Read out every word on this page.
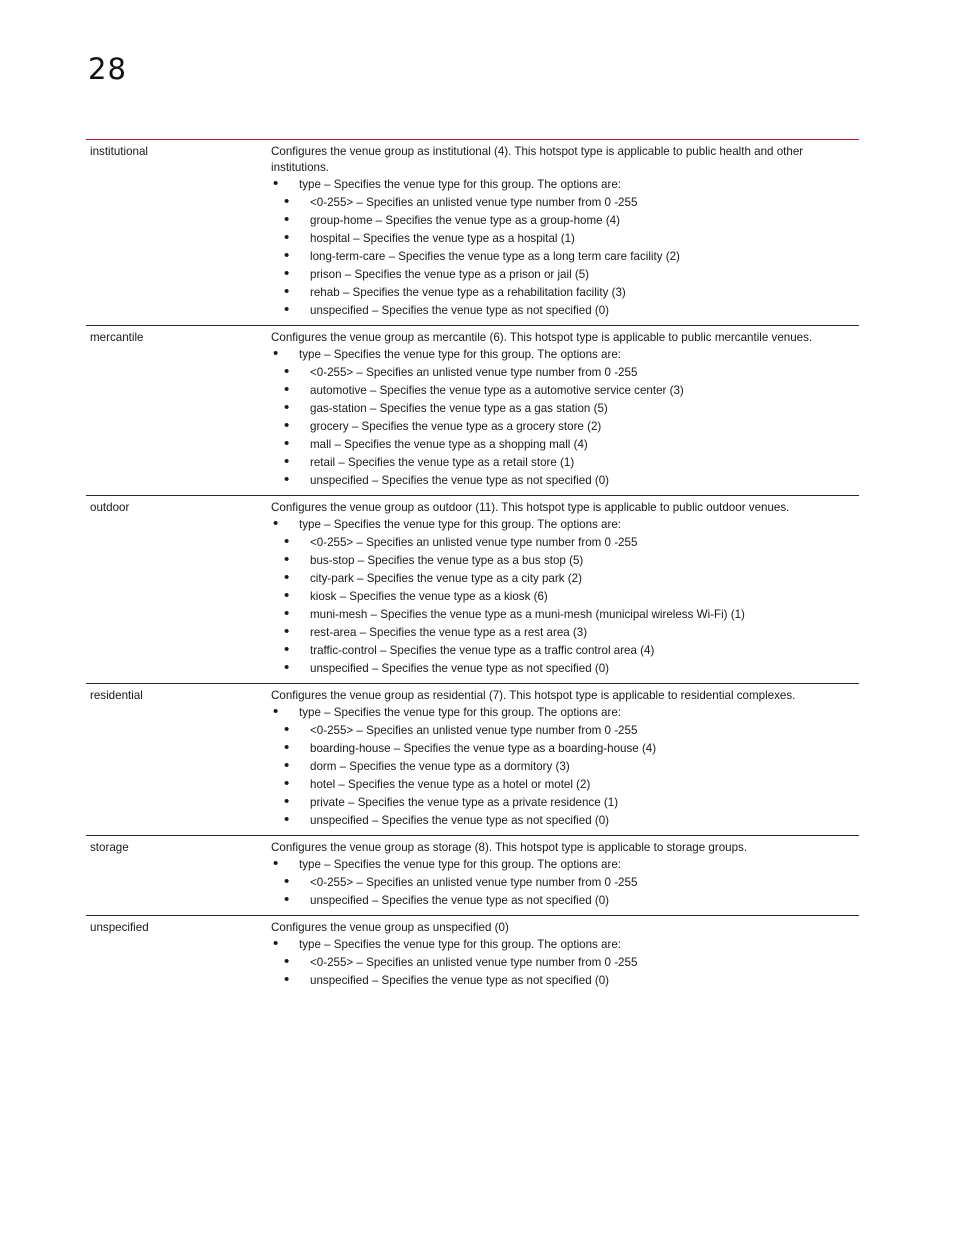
28
institutional	Configures the venue group as institutional (4). This hotspot type is applicable to public health and other institutions.

• type – Specifies the venue type for this group. The options are:
• <0-255> – Specifies an unlisted venue type number from 0 -255
• group-home – Specifies the venue type as a group-home (4)
• hospital – Specifies the venue type as a hospital (1)
• long-term-care – Specifies the venue type as a long term care facility (2)
• prison – Specifies the venue type as a prison or jail (5)
• rehab – Specifies the venue type as a rehabilitation facility (3)
• unspecified – Specifies the venue type as not specified (0)
mercantile	Configures the venue group as mercantile (6). This hotspot type is applicable to public mercantile venues.

• type – Specifies the venue type for this group. The options are:
• <0-255> – Specifies an unlisted venue type number from 0 -255
• automotive – Specifies the venue type as a automotive service center (3)
• gas-station – Specifies the venue type as a gas station (5)
• grocery – Specifies the venue type as a grocery store (2)
• mall – Specifies the venue type as a shopping mall (4)
• retail – Specifies the venue type as a retail store (1)
• unspecified – Specifies the venue type as not specified (0)
outdoor	Configures the venue group as outdoor (11). This hotspot type is applicable to public outdoor venues.

• type – Specifies the venue type for this group. The options are:
• <0-255> – Specifies an unlisted venue type number from 0 -255
• bus-stop – Specifies the venue type as a bus stop (5)
• city-park – Specifies the venue type as a city park (2)
• kiosk – Specifies the venue type as a kiosk (6)
• muni-mesh – Specifies the venue type as a muni-mesh (municipal wireless Wi-Fi) (1)
• rest-area – Specifies the venue type as a rest area (3)
• traffic-control – Specifies the venue type as a traffic control area (4)
• unspecified – Specifies the venue type as not specified (0)
residential	Configures the venue group as residential (7). This hotspot type is applicable to residential complexes.

• type – Specifies the venue type for this group. The options are:
• <0-255> – Specifies an unlisted venue type number from 0 -255
• boarding-house – Specifies the venue type as a boarding-house (4)
• dorm – Specifies the venue type as a dormitory (3)
• hotel – Specifies the venue type as a hotel or motel (2)
• private – Specifies the venue type as a private residence (1)
• unspecified – Specifies the venue type as not specified (0)
storage	Configures the venue group as storage (8). This hotspot type is applicable to storage groups.

• type – Specifies the venue type for this group. The options are:
• <0-255> – Specifies an unlisted venue type number from 0 -255
• unspecified – Specifies the venue type as not specified (0)
unspecified	Configures the venue group as unspecified (0)

• type – Specifies the venue type for this group. The options are:
• <0-255> – Specifies an unlisted venue type number from 0 -255
• unspecified – Specifies the venue type as not specified (0)
